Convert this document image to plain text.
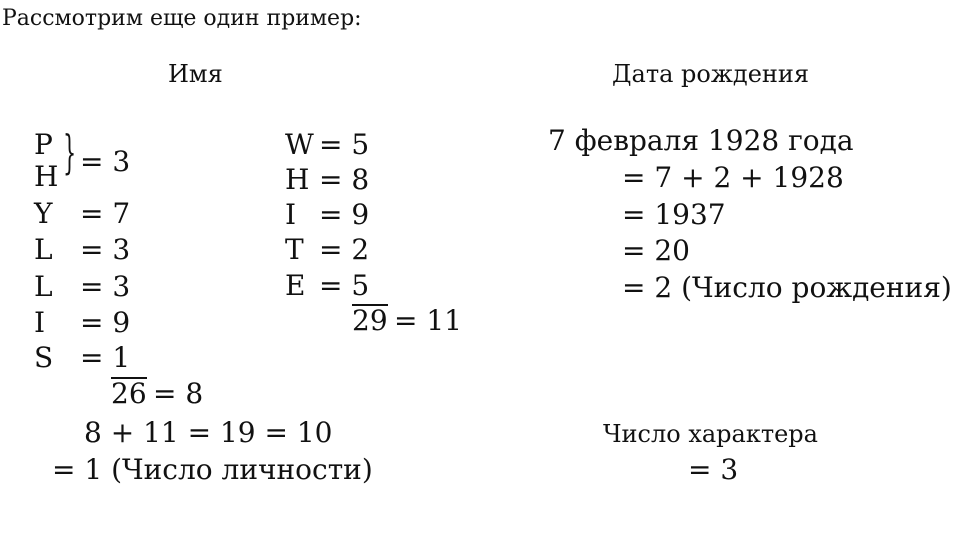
Рассмотрим еще один пример:
Имя	Дата рождения
P
H } = 3
Y = 7
L = 3
L = 3
I = 9
S = 1
26 = 8
W = 5
H = 8
I = 9
T = 2
E = 5
29 = 11
8 + 11 = 19 = 10
= 1 (Число личности)
7 февраля 1928 года
= 7 + 2 + 1928
= 1937
= 20
= 2 (Число рождения)
Число характера
= 3
